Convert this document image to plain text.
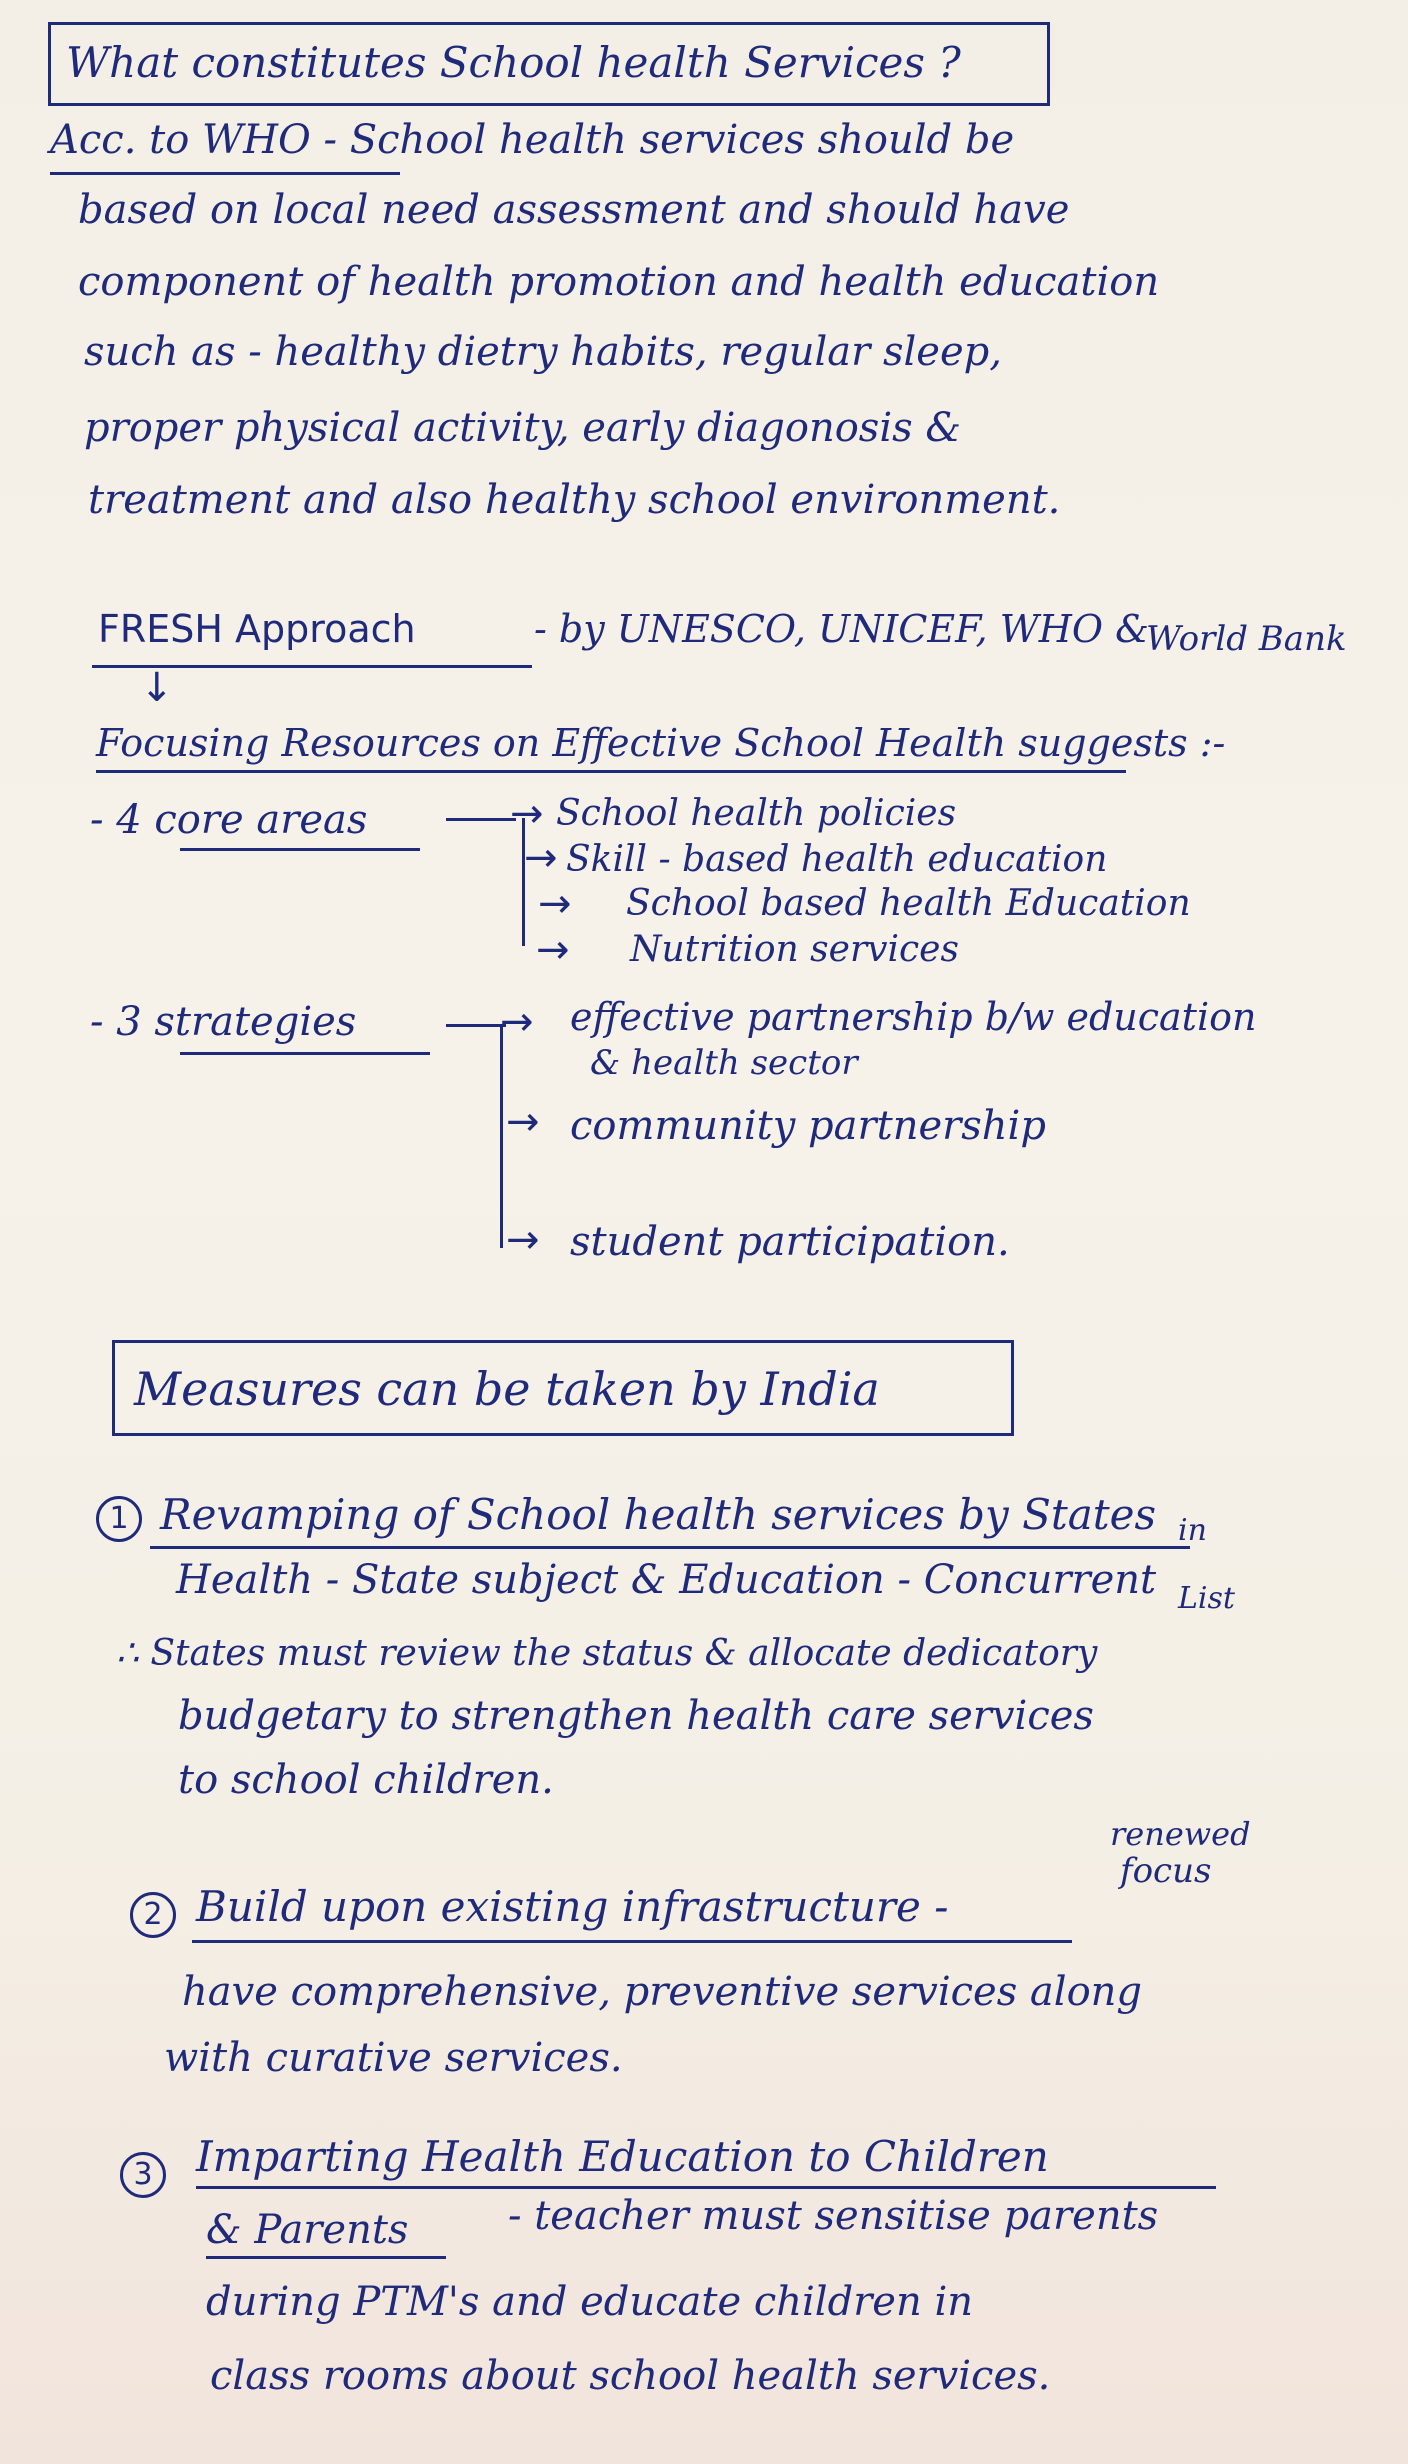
What constitutes School health Services ?
Acc. to WHO - School health services should be
based on local need assessment and should have
component of health promotion and health education
such as - healthy dietry habits, regular sleep,
proper physical activity, early diagonosis &
treatment and also healthy school environment.
FRESH Approach	- by UNESCO, UNICEF, WHO &
World Bank
↓
Focusing Resources on Effective School Health suggests :-
- 4 core areas	→ School health policies
→ Skill - based health education
→ School based health Education
→ Nutrition services
- 3 strategies	→ effective partnership b/w education
& health sector
→ community partnership
→ student participation.
Measures can be taken by India
1 Revamping of School health services by States in
Health - State subject & Education - Concurrent List
∴ States must review the status & allocate dedicatory
budgetary to strengthen health care services
to school children.
2
renewed
focus
Build upon existing infrastructure -
have comprehensive, preventive services along
with curative services.
3	Imparting Health Education to Children
& Parents - teacher must sensitise parents
during PTM's and educate children in
class rooms about school health services.
